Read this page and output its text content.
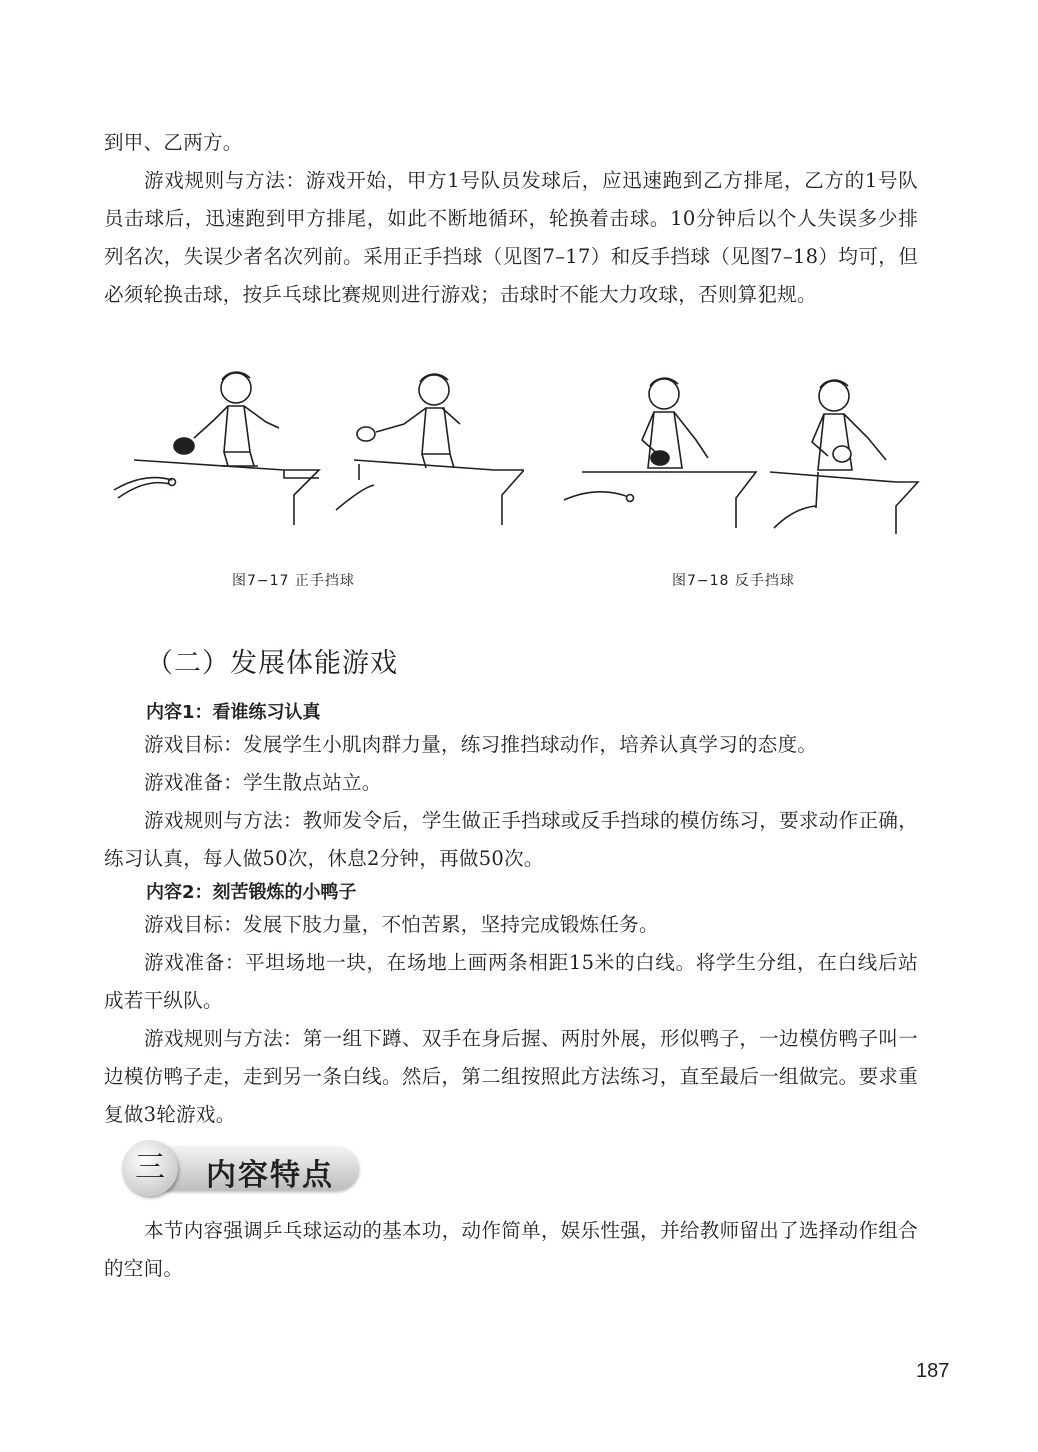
到甲、乙两方。
游戏规则与方法：游戏开始，甲方1号队员发球后，应迅速跑到乙方排尾，乙方的1号队员击球后，迅速跑到甲方排尾，如此不断地循环，轮换着击球。10分钟后以个人失误多少排列名次，失误少者名次列前。采用正手挡球（见图7–17）和反手挡球（见图7–18）均可，但必须轮换击球，按乒乓球比赛规则进行游戏；击球时不能大力攻球，否则算犯规。
图7−17 正手挡球	图7−18 反手挡球
（二）发展体能游戏
内容1：看谁练习认真
游戏目标：发展学生小肌肉群力量，练习推挡球动作，培养认真学习的态度。
游戏准备：学生散点站立。
游戏规则与方法：教师发令后，学生做正手挡球或反手挡球的模仿练习，要求动作正确，练习认真，每人做50次，休息2分钟，再做50次。
内容2：刻苦锻炼的小鸭子
游戏目标：发展下肢力量，不怕苦累，坚持完成锻炼任务。
游戏准备：平坦场地一块，在场地上画两条相距15米的白线。将学生分组，在白线后站成若干纵队。
游戏规则与方法：第一组下蹲、双手在身后握、两肘外展，形似鸭子，一边模仿鸭子叫一边模仿鸭子走，走到另一条白线。然后，第二组按照此方法练习，直至最后一组做完。要求重复做3轮游戏。
三	内容特点
本节内容强调乒乓球运动的基本功，动作简单，娱乐性强，并给教师留出了选择动作组合的空间。
187
